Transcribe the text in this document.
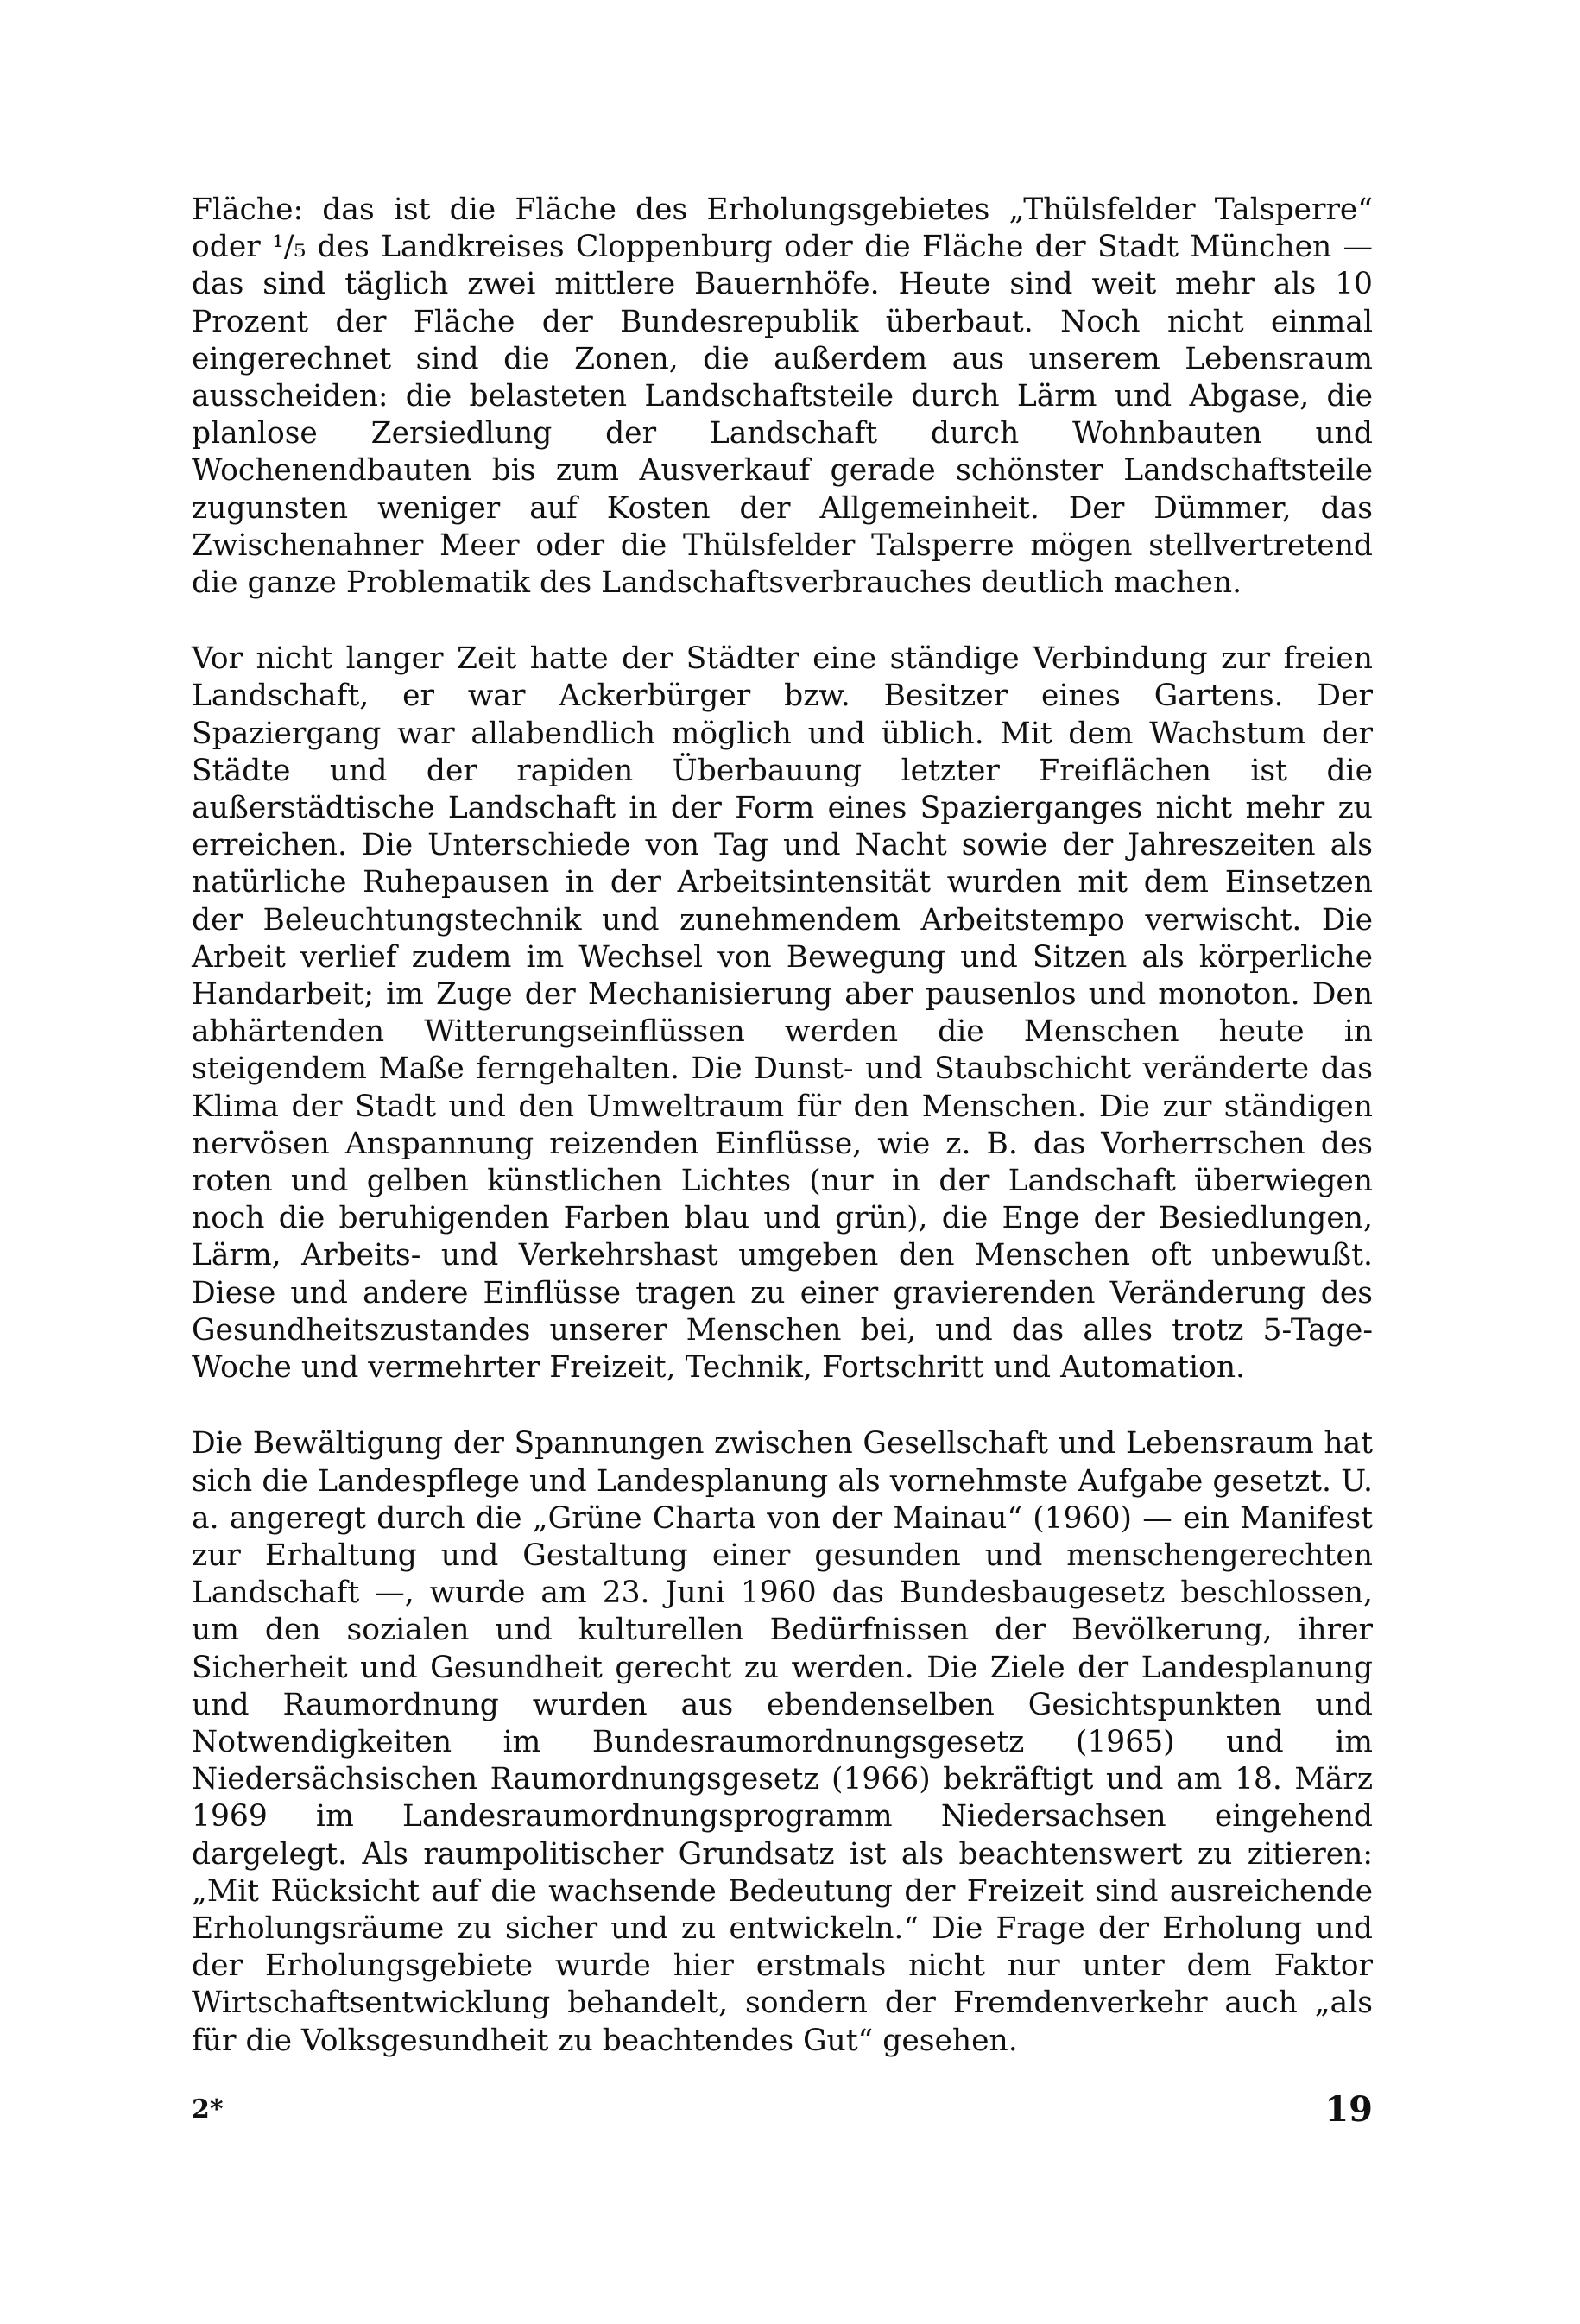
Fläche: das ist die Fläche des Erholungsgebietes „Thülsfelder Talsperre“ oder ¹/₅ des Landkreises Cloppenburg oder die Fläche der Stadt München — das sind täglich zwei mittlere Bauernhöfe. Heute sind weit mehr als 10 Prozent der Fläche der Bundesrepublik überbaut. Noch nicht einmal eingerechnet sind die Zonen, die außerdem aus unserem Lebensraum ausscheiden: die belasteten Landschaftsteile durch Lärm und Abgase, die planlose Zersiedlung der Landschaft durch Wohnbauten und Wochenendbauten bis zum Ausverkauf gerade schönster Landschaftsteile zugunsten weniger auf Kosten der Allgemeinheit. Der Dümmer, das Zwischenahner Meer oder die Thülsfelder Talsperre mögen stellvertretend die ganze Problematik des Landschaftsverbrauches deutlich machen.

Vor nicht langer Zeit hatte der Städter eine ständige Verbindung zur freien Landschaft, er war Ackerbürger bzw. Besitzer eines Gartens. Der Spaziergang war allabendlich möglich und üblich. Mit dem Wachstum der Städte und der rapiden Überbauung letzter Freiflächen ist die außerstädtische Landschaft in der Form eines Spazierganges nicht mehr zu erreichen. Die Unterschiede von Tag und Nacht sowie der Jahreszeiten als natürliche Ruhepausen in der Arbeitsintensität wurden mit dem Einsetzen der Beleuchtungstechnik und zunehmendem Arbeitstempo verwischt. Die Arbeit verlief zudem im Wechsel von Bewegung und Sitzen als körperliche Handarbeit; im Zuge der Mechanisierung aber pausenlos und monoton. Den abhärtenden Witterungseinflüssen werden die Menschen heute in steigendem Maße ferngehalten. Die Dunst- und Staubschicht veränderte das Klima der Stadt und den Umweltraum für den Menschen. Die zur ständigen nervösen Anspannung reizenden Einflüsse, wie z. B. das Vorherrschen des roten und gelben künstlichen Lichtes (nur in der Landschaft überwiegen noch die beruhigenden Farben blau und grün), die Enge der Besiedlungen, Lärm, Arbeits- und Verkehrshast umgeben den Menschen oft unbewußt. Diese und andere Einflüsse tragen zu einer gravierenden Veränderung des Gesundheitszustandes unserer Menschen bei, und das alles trotz 5-Tage-Woche und vermehrter Freizeit, Technik, Fortschritt und Automation.

Die Bewältigung der Spannungen zwischen Gesellschaft und Lebensraum hat sich die Landespflege und Landesplanung als vornehmste Aufgabe gesetzt. U. a. angeregt durch die „Grüne Charta von der Mainau“ (1960) — ein Manifest zur Erhaltung und Gestaltung einer gesunden und menschengerechten Landschaft —, wurde am 23. Juni 1960 das Bundesbaugesetz beschlossen, um den sozialen und kulturellen Bedürfnissen der Bevölkerung, ihrer Sicherheit und Gesundheit gerecht zu werden. Die Ziele der Landesplanung und Raumordnung wurden aus ebendenselben Gesichtspunkten und Notwendigkeiten im Bundesraumordnungsgesetz (1965) und im Niedersächsischen Raumordnungsgesetz (1966) bekräftigt und am 18. März 1969 im Landesraumordnungsprogramm Niedersachsen eingehend dargelegt. Als raumpolitischer Grundsatz ist als beachtenswert zu zitieren: „Mit Rücksicht auf die wachsende Bedeutung der Freizeit sind ausreichende Erholungsräume zu sicher und zu entwickeln.“ Die Frage der Erholung und der Erholungsgebiete wurde hier erstmals nicht nur unter dem Faktor Wirtschaftsentwicklung behandelt, sondern der Fremdenverkehr auch „als für die Volksgesundheit zu beachtendes Gut“ gesehen.

2*	19
